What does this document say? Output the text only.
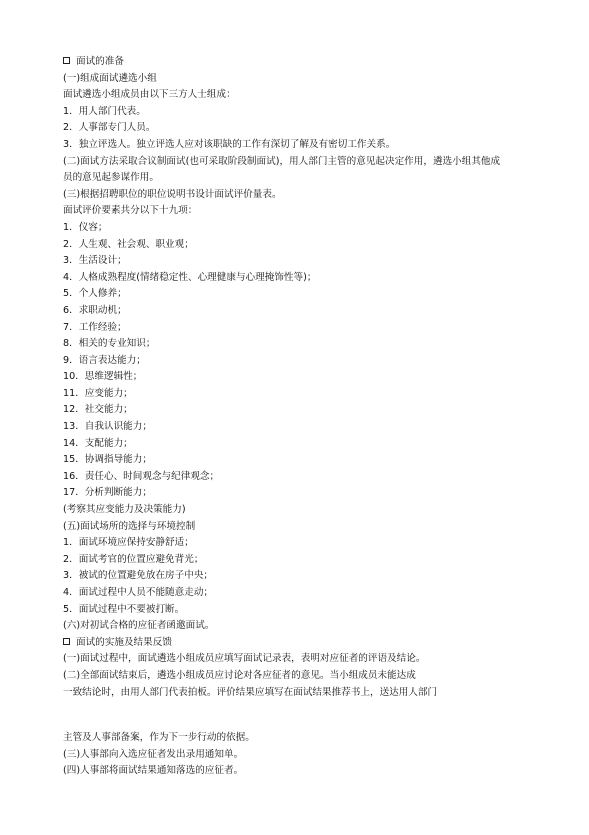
面试的准备
(一)组成面试遴选小组
面试遴选小组成员由以下三方人士组成：
1．用人部门代表。
2．人事部专门人员。
3．独立评选人。独立评选人应对该职缺的工作有深切了解及有密切工作关系。
(二)面试方法采取合议制面试(也可采取阶段制面试)，用人部门主管的意见起决定作用，遴选小组其他成
员的意见起参谋作用。
(三)根据招聘职位的职位说明书设计面试评价量表。
面试评价要素共分以下十九项：
1．仪容；
2．人生观、社会观、职业观；
3．生活设计；
4．人格成熟程度(情绪稳定性、心理健康与心理掩饰性等)；
5．个人修养；
6．求职动机；
7．工作经验；
8．相关的专业知识；
9．语言表达能力；
10．思维逻辑性；
11．应变能力；
12．社交能力；
13．自我认识能力；
14．支配能力；
15．协调指导能力；
16．责任心、时间观念与纪律观念；
17．分析判断能力；
(考察其应变能力及决策能力)
(五)面试场所的选择与环境控制
1．面试环境应保持安静舒适；
2．面试考官的位置应避免背光；
3．被试的位置避免放在房子中央；
4．面试过程中人员不能随意走动；
5．面试过程中不要被打断。
(六)对初试合格的应征者函邀面试。
面试的实施及结果反馈
(一)面试过程中，面试遴选小组成员应填写面试记录表，表明对应征者的评语及结论。
(二)全部面试结束后，遴选小组成员应讨论对各应征者的意见。当小组成员未能达成
一致结论时，由用人部门代表拍板。评价结果应填写在面试结果推荐书上，送达用人部门
主管及人事部备案，作为下一步行动的依据。
(三)人事部向入选应征者发出录用通知单。
(四)人事部将面试结果通知落选的应征者。
